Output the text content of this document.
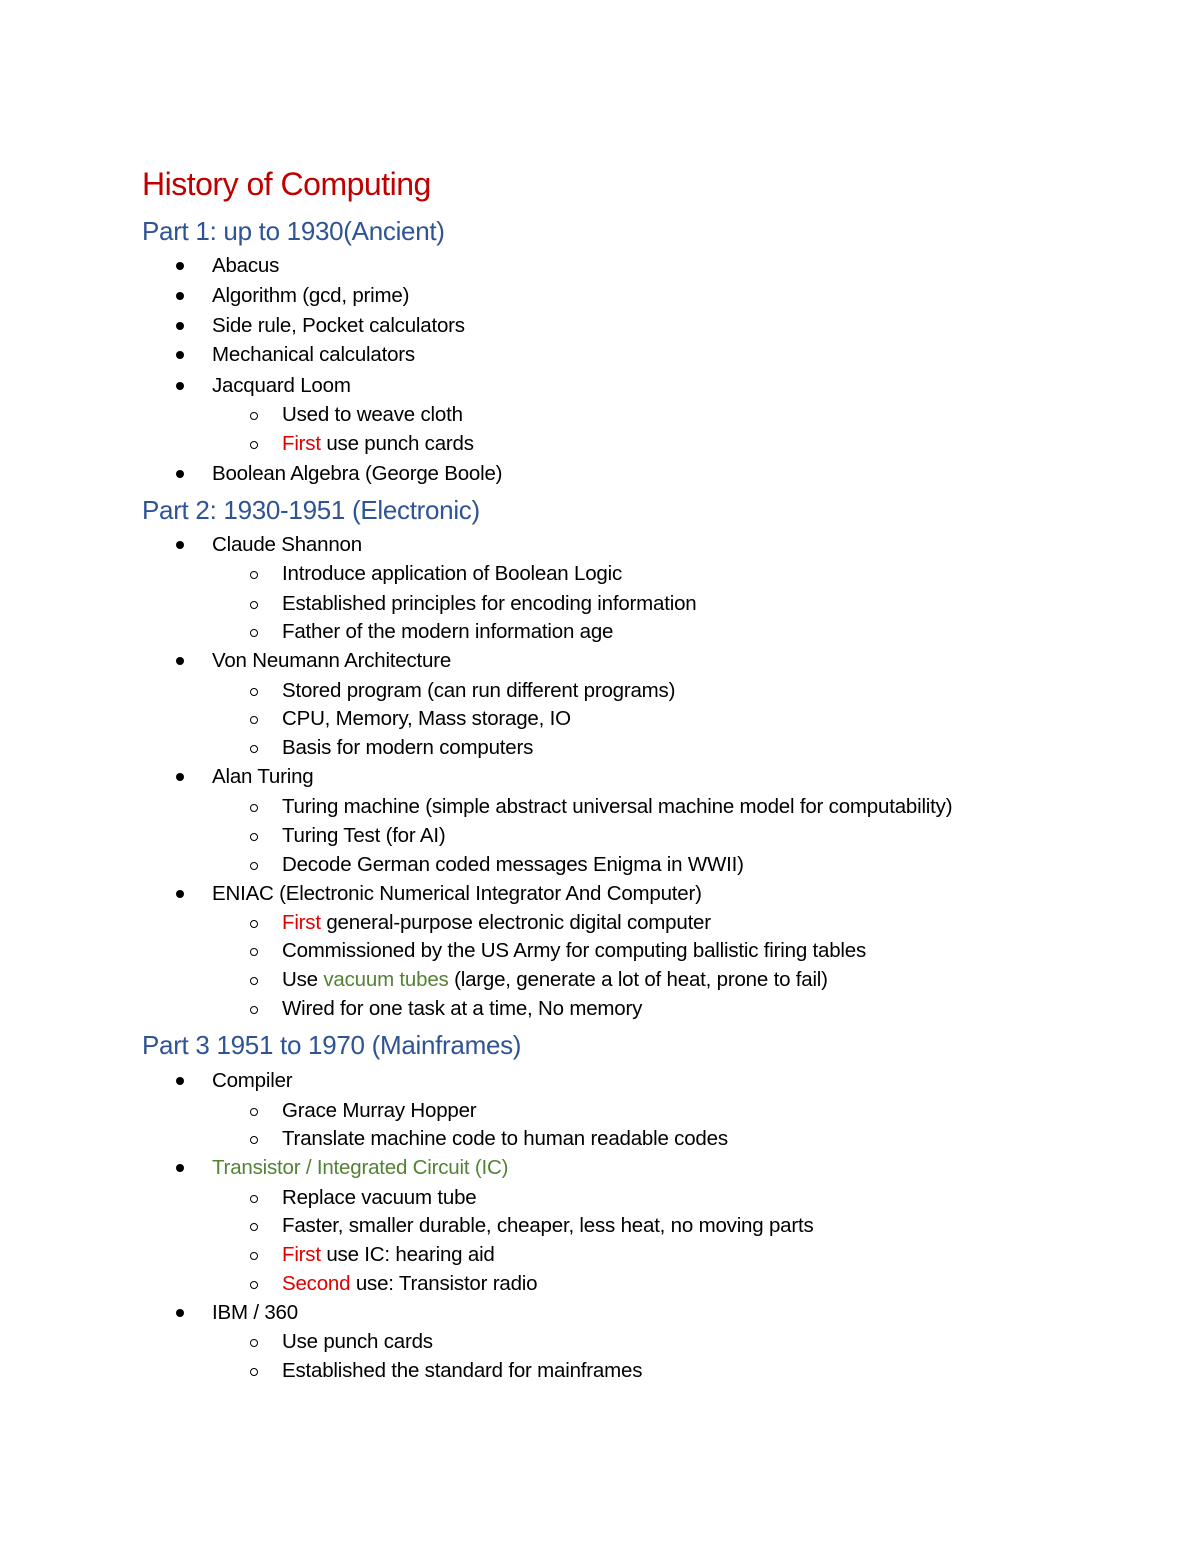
History of Computing
Part 1: up to 1930(Ancient)
Abacus
Algorithm (gcd, prime)
Side rule, Pocket calculators
Mechanical calculators
Jacquard Loom
Used to weave cloth
First use punch cards
Boolean Algebra (George Boole)
Part 2: 1930-1951 (Electronic)
Claude Shannon
Introduce application of Boolean Logic
Established principles for encoding information
Father of the modern information age
Von Neumann Architecture
Stored program (can run different programs)
CPU, Memory, Mass storage, IO
Basis for modern computers
Alan Turing
Turing machine (simple abstract universal machine model for computability)
Turing Test (for AI)
Decode German coded messages Enigma in WWII)
ENIAC (Electronic Numerical Integrator And Computer)
First general-purpose electronic digital computer
Commissioned by the US Army for computing ballistic firing tables
Use vacuum tubes (large, generate a lot of heat, prone to fail)
Wired for one task at a time, No memory
Part 3 1951 to 1970 (Mainframes)
Compiler
Grace Murray Hopper
Translate machine code to human readable codes
Transistor / Integrated Circuit (IC)
Replace vacuum tube
Faster, smaller durable, cheaper, less heat, no moving parts
First use IC: hearing aid
Second use: Transistor radio
IBM / 360
Use punch cards
Established the standard for mainframes
